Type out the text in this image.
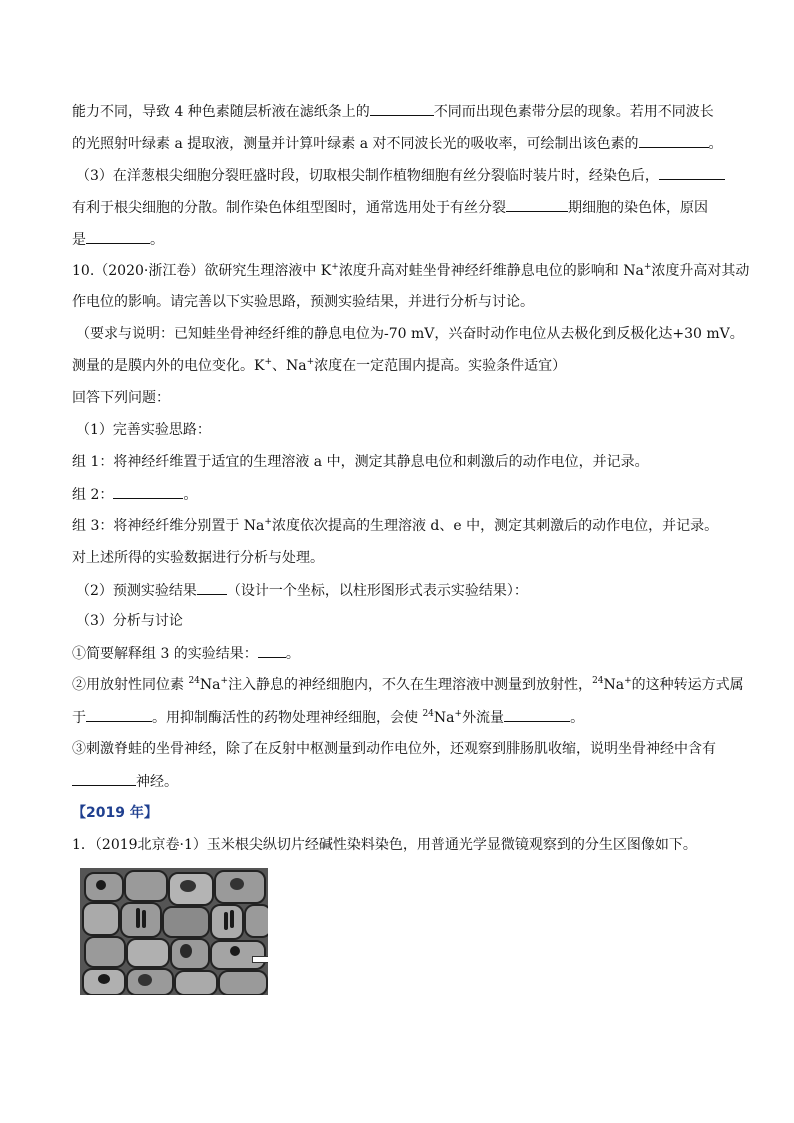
能力不同，导致 4 种色素随层析液在滤纸条上的	不同而出现色素带分层的现象。若用不同波长
的光照射叶绿素 a 提取液，测量并计算叶绿素 a 对不同波长光的吸收率，可绘制出该色素的	。
（3）在洋葱根尖细胞分裂旺盛时段，切取根尖制作植物细胞有丝分裂临时装片时，经染色后，
有利于根尖细胞的分散。制作染色体组型图时，通常选用处于有丝分裂	期细胞的染色体，原因
是	。
10.（2020·浙江卷）欲研究生理溶液中 K+浓度升高对蛙坐骨神经纤维静息电位的影响和 Na+浓度升高对其动
作电位的影响。请完善以下实验思路，预测实验结果，并进行分析与讨论。
（要求与说明：已知蛙坐骨神经纤维的静息电位为-70 mV，兴奋时动作电位从去极化到反极化达+30 mV。
测量的是膜内外的电位变化。K+、Na+浓度在一定范围内提高。实验条件适宜）
回答下列问题：
（1）完善实验思路：
组 1：将神经纤维置于适宜的生理溶液 a 中，测定其静息电位和刺激后的动作电位，并记录。
组 2：	。
组 3：将神经纤维分别置于 Na+浓度依次提高的生理溶液 d、e 中，测定其刺激后的动作电位，并记录。
对上述所得的实验数据进行分析与处理。
（2）预测实验结果 （设计一个坐标，以柱形图形式表示实验结果）：
（3）分析与讨论
①简要解释组 3 的实验结果： 。
②用放射性同位素 $^{24}$Na+注入静息的神经细胞内，不久在生理溶液中测量到放射性，$^{24}$Na+的这种转运方式属
于	。用抑制酶活性的药物处理神经细胞，会使 $^{24}$Na+外流量	。
③刺激脊蛙的坐骨神经，除了在反射中枢测量到动作电位外，还观察到腓肠肌收缩，说明坐骨神经中含有
神经。
【2019 年】
1．（2019北京卷·1）玉米根尖纵切片经碱性染料染色，用普通光学显微镜观察到的分生区图像如下。
